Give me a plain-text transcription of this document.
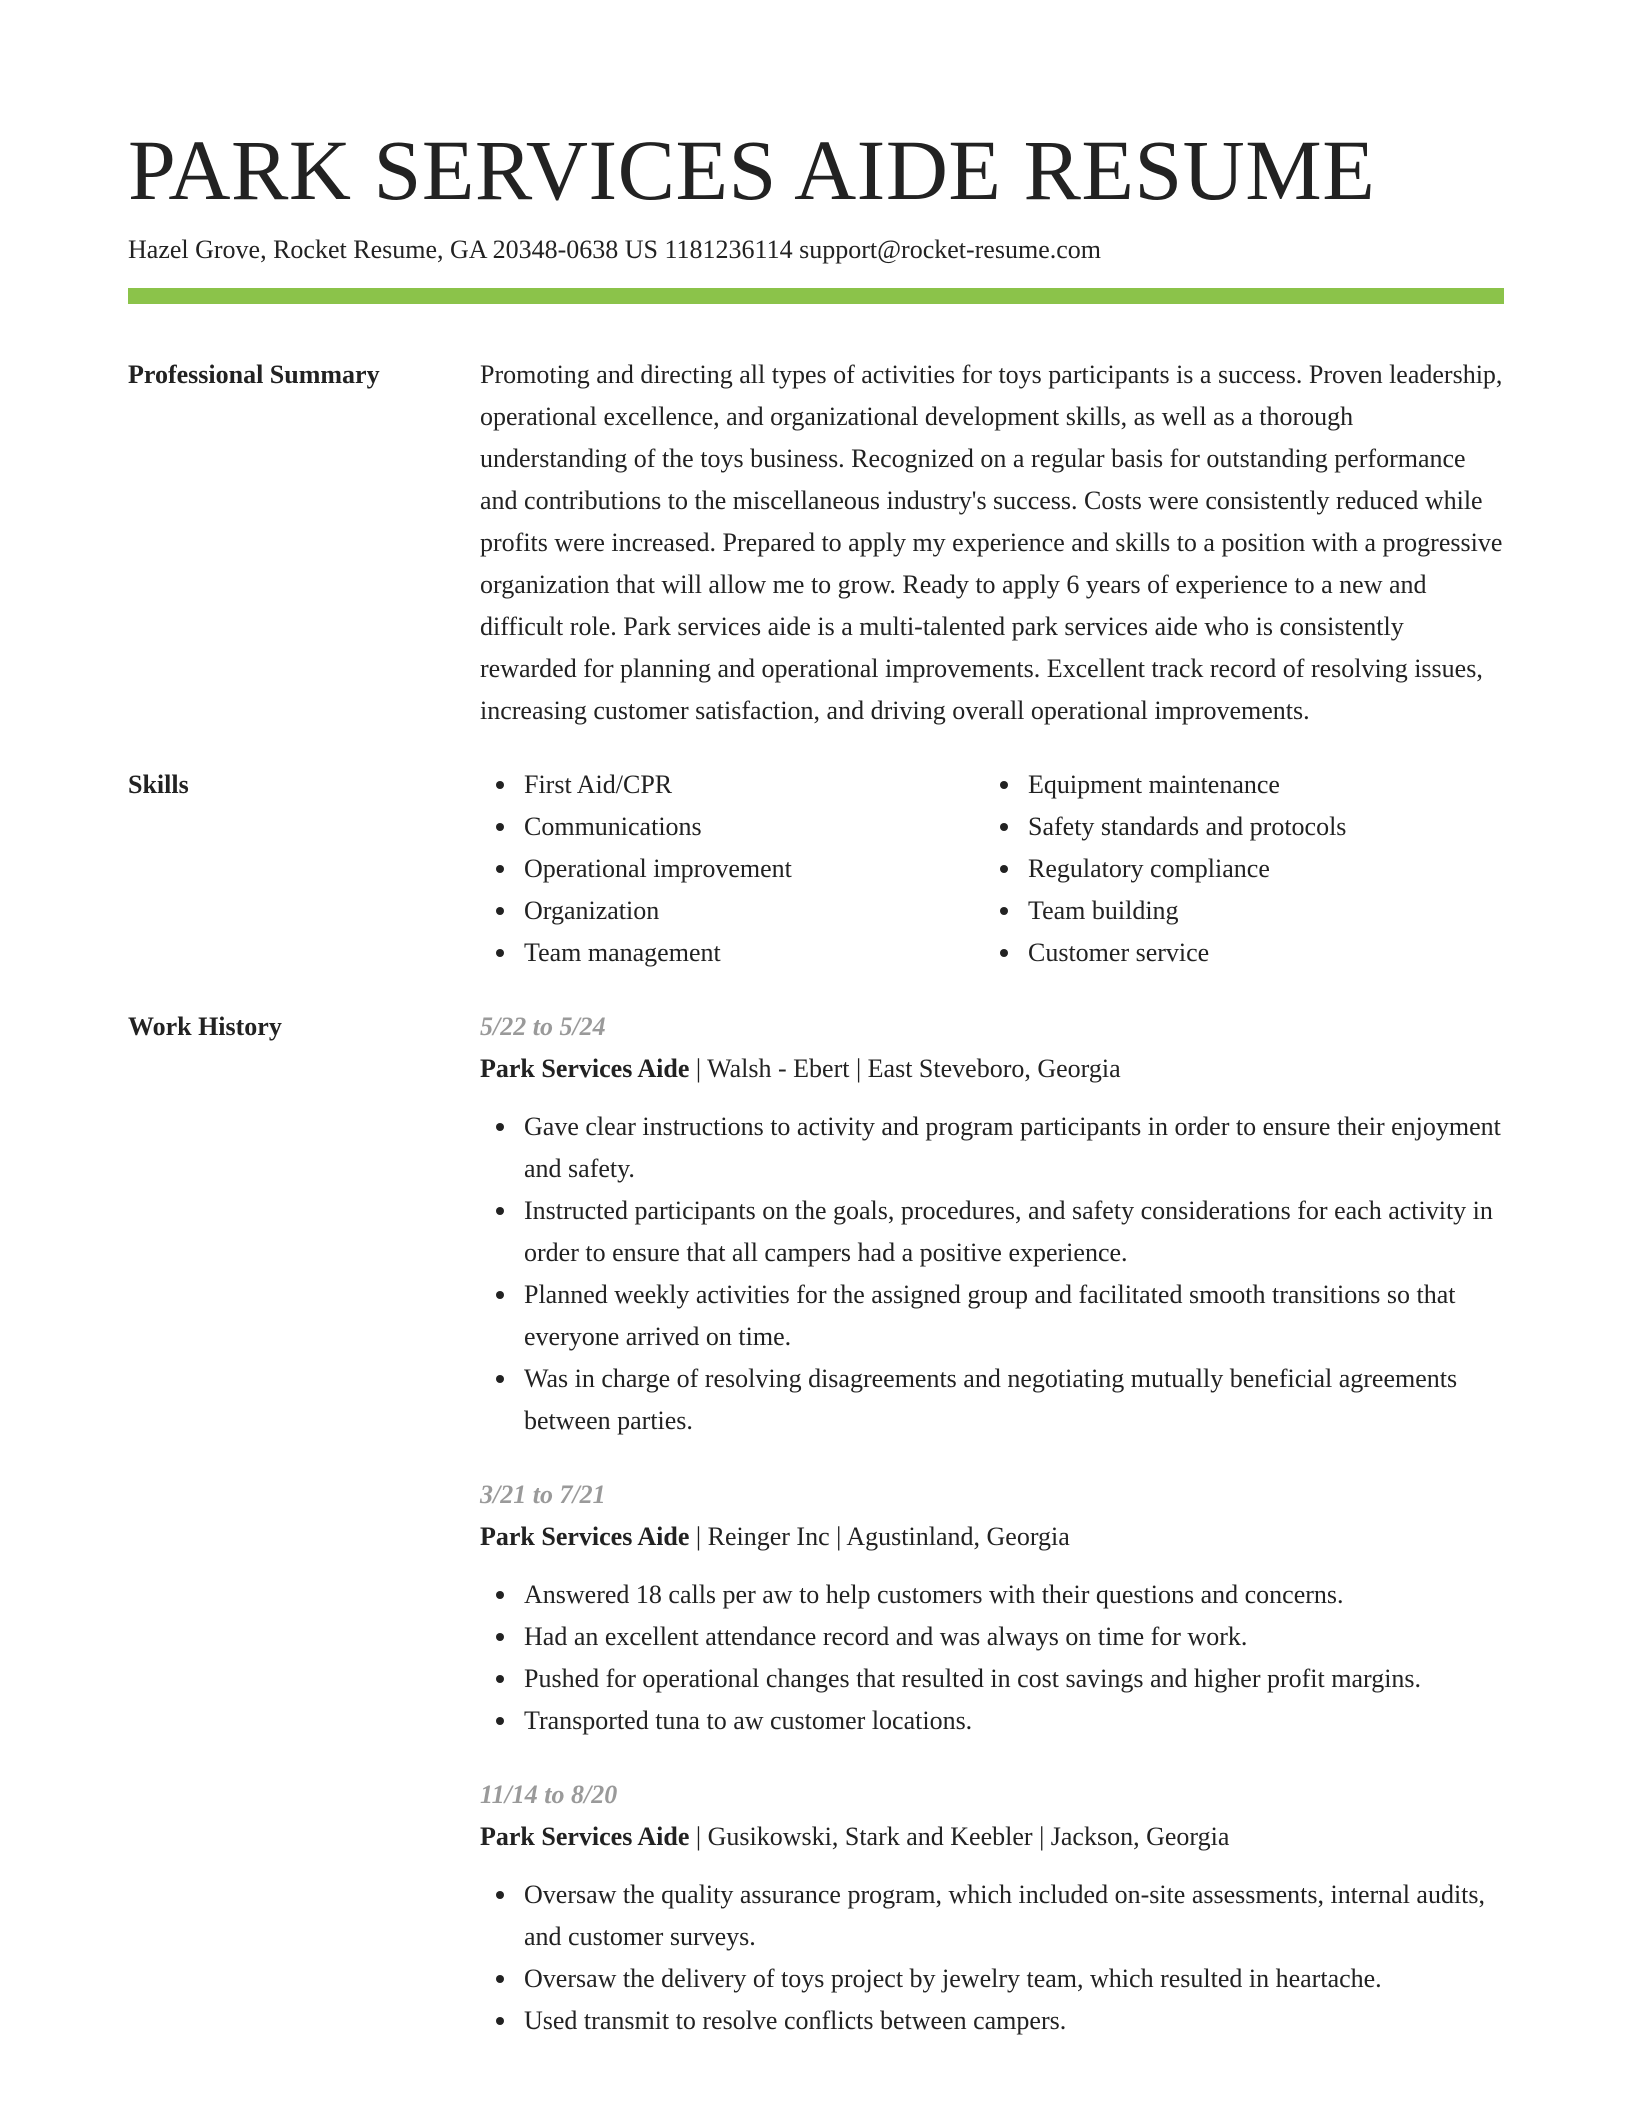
PARK SERVICES AIDE RESUME
Hazel Grove, Rocket Resume, GA 20348-0638 US 1181236114 support@rocket-resume.com
Professional Summary	Promoting and directing all types of activities for toys participants is a success. Proven leadership, operational excellence, and organizational development skills, as well as a thorough understanding of the toys business. Recognized on a regular basis for outstanding performance and contributions to the miscellaneous industry's success. Costs were consistently reduced while profits were increased. Prepared to apply my experience and skills to a position with a progressive organization that will allow me to grow. Ready to apply 6 years of experience to a new and difficult role. Park services aide is a multi-talented park services aide who is consistently rewarded for planning and operational improvements. Excellent track record of resolving issues, increasing customer satisfaction, and driving overall operational improvements.
Skills	First Aid/CPR
Communications
Operational improvement
Organization
Team management
Equipment maintenance
Safety standards and protocols
Regulatory compliance
Team building
Customer service
Work History	5/22 to 5/24
Park Services Aide | Walsh - Ebert | East Steveboro, Georgia
Gave clear instructions to activity and program participants in order to ensure their enjoyment and safety.
Instructed participants on the goals, procedures, and safety considerations for each activity in order to ensure that all campers had a positive experience.
Planned weekly activities for the assigned group and facilitated smooth transitions so that everyone arrived on time.
Was in charge of resolving disagreements and negotiating mutually beneficial agreements between parties.
3/21 to 7/21
Park Services Aide | Reinger Inc | Agustinland, Georgia
Answered 18 calls per aw to help customers with their questions and concerns.
Had an excellent attendance record and was always on time for work.
Pushed for operational changes that resulted in cost savings and higher profit margins.
Transported tuna to aw customer locations.
11/14 to 8/20
Park Services Aide | Gusikowski, Stark and Keebler | Jackson, Georgia
Oversaw the quality assurance program, which included on-site assessments, internal audits, and customer surveys.
Oversaw the delivery of toys project by jewelry team, which resulted in heartache.
Used transmit to resolve conflicts between campers.
